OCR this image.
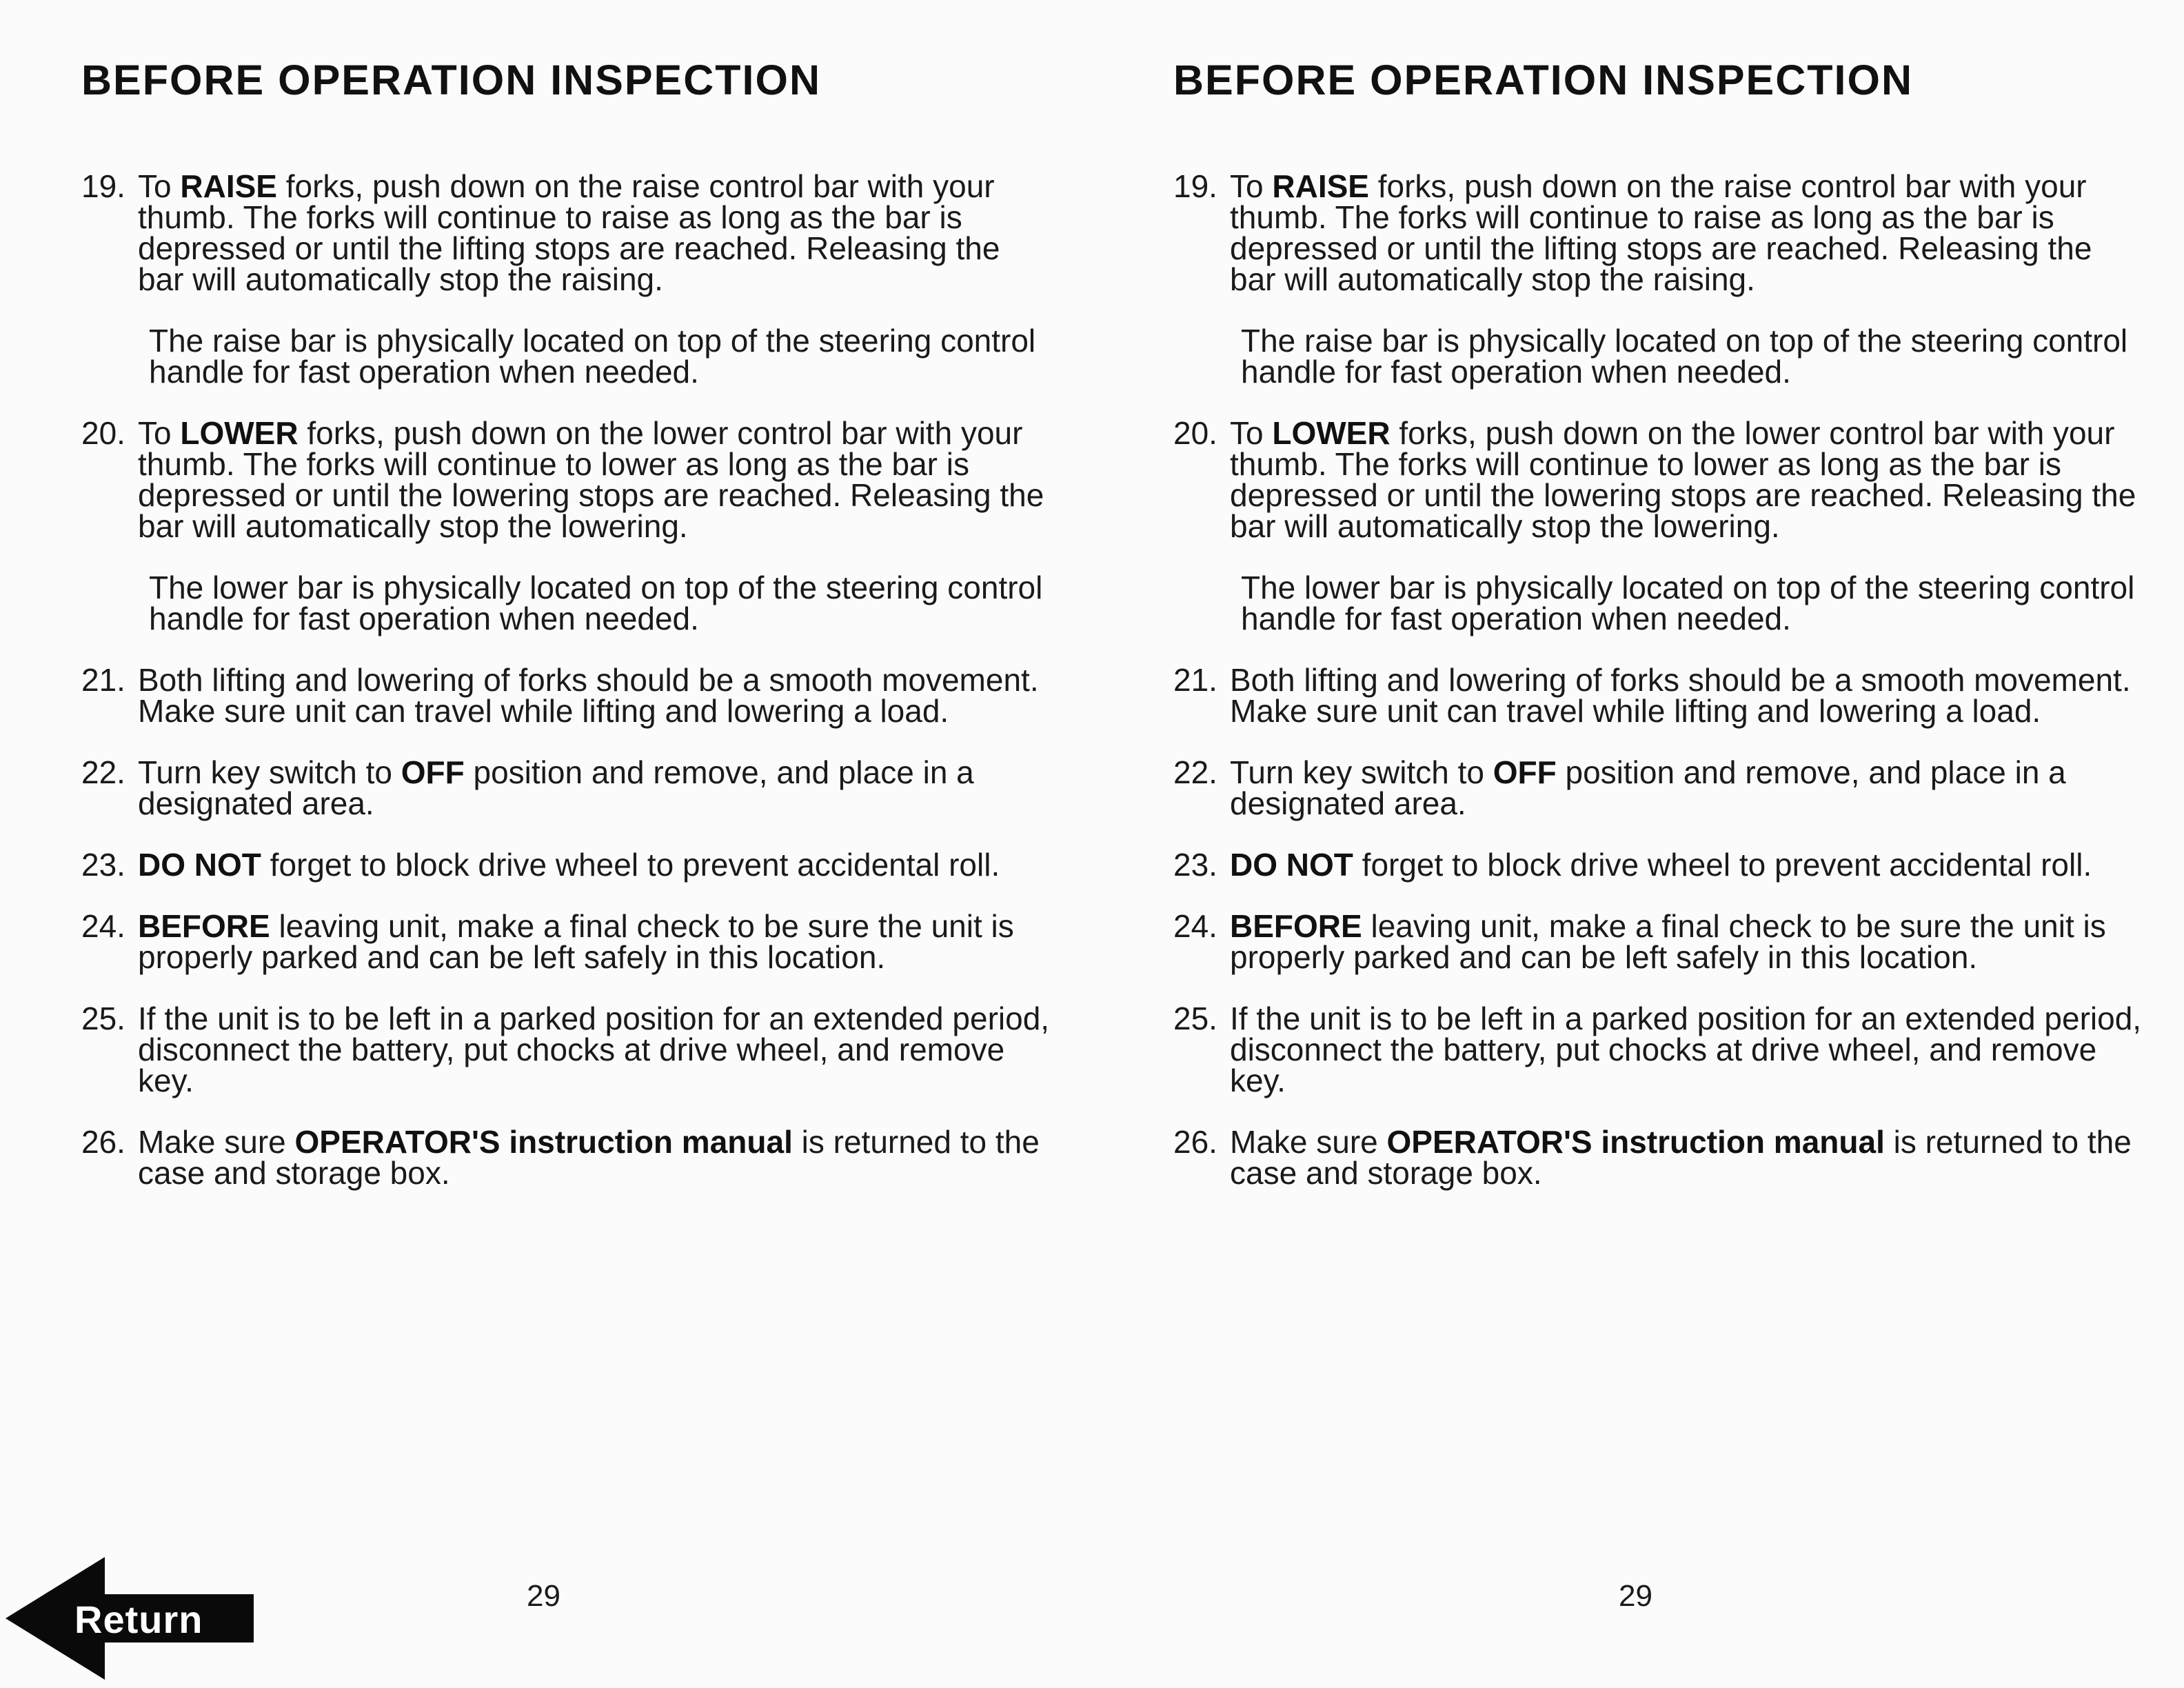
BEFORE OPERATION INSPECTION
19. To RAISE forks, push down on the raise control bar with your thumb. The forks will continue to raise as long as the bar is depressed or until the lifting stops are reached. Releasing the bar will automatically stop the raising.
The raise bar is physically located on top of the steering control handle for fast operation when needed.
20. To LOWER forks, push down on the lower control bar with your thumb. The forks will continue to lower as long as the bar is depressed or until the lowering stops are reached. Releasing the bar will automatically stop the lowering.
The lower bar is physically located on top of the steering control handle for fast operation when needed.
21. Both lifting and lowering of forks should be a smooth movement. Make sure unit can travel while lifting and lowering a load.
22. Turn key switch to OFF position and remove, and place in a designated area.
23. DO NOT forget to block drive wheel to prevent accidental roll.
24. BEFORE leaving unit, make a final check to be sure the unit is properly parked and can be left safely in this location.
25. If the unit is to be left in a parked position for an extended period, disconnect the battery, put chocks at drive wheel, and remove key.
26. Make sure OPERATOR'S instruction manual is returned to the case and storage box.
BEFORE OPERATION INSPECTION
19. To RAISE forks, push down on the raise control bar with your thumb. The forks will continue to raise as long as the bar is depressed or until the lifting stops are reached. Releasing the bar will automatically stop the raising.
The raise bar is physically located on top of the steering control handle for fast operation when needed.
20. To LOWER forks, push down on the lower control bar with your thumb. The forks will continue to lower as long as the bar is depressed or until the lowering stops are reached. Releasing the bar will automatically stop the lowering.
The lower bar is physically located on top of the steering control handle for fast operation when needed.
21. Both lifting and lowering of forks should be a smooth movement. Make sure unit can travel while lifting and lowering a load.
22. Turn key switch to OFF position and remove, and place in a designated area.
23. DO NOT forget to block drive wheel to prevent accidental roll.
24. BEFORE leaving unit, make a final check to be sure the unit is properly parked and can be left safely in this location.
25. If the unit is to be left in a parked position for an extended period, disconnect the battery, put chocks at drive wheel, and remove key.
26. Make sure OPERATOR'S instruction manual is returned to the case and storage box.
29	29
Return
